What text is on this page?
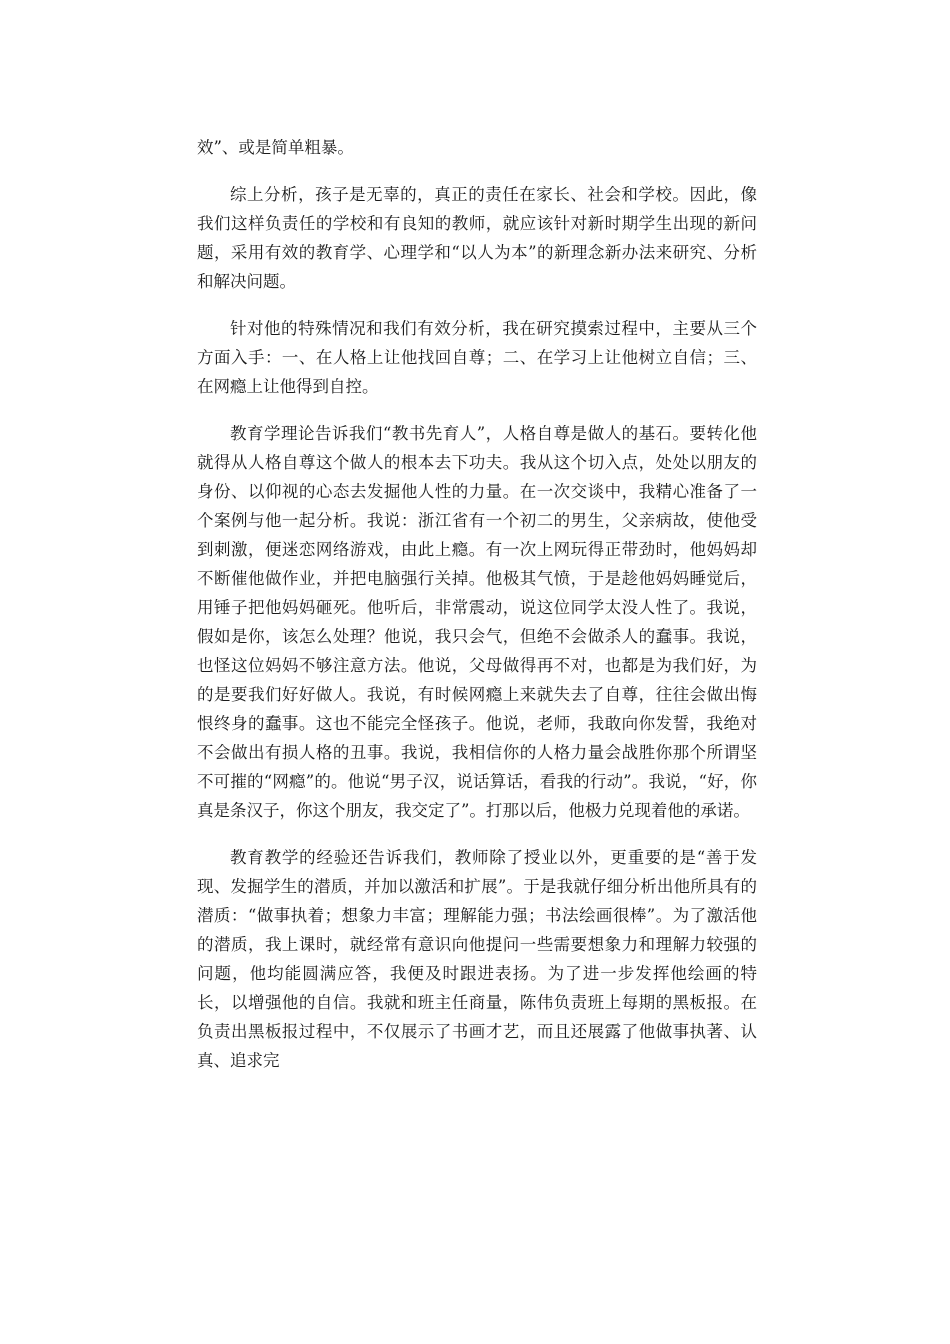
效”、或是简单粗暴。

综上分析，孩子是无辜的，真正的责任在家长、社会和学校。因此，像我们这样负责任的学校和有良知的教师，就应该针对新时期学生出现的新问题，采用有效的教育学、心理学和“以人为本”的新理念新办法来研究、分析和解决问题。

针对他的特殊情况和我们有效分析，我在研究摸索过程中，主要从三个方面入手：一、在人格上让他找回自尊；二、在学习上让他树立自信；三、在网瘾上让他得到自控。

教育学理论告诉我们“教书先育人”，人格自尊是做人的基石。要转化他就得从人格自尊这个做人的根本去下功夫。我从这个切入点，处处以朋友的身份、以仰视的心态去发掘他人性的力量。在一次交谈中，我精心准备了一个案例与他一起分析。我说：浙江省有一个初二的男生，父亲病故，使他受到刺激，便迷恋网络游戏，由此上瘾。有一次上网玩得正带劲时，他妈妈却不断催他做作业，并把电脑强行关掉。他极其气愤，于是趁他妈妈睡觉后，用锤子把他妈妈砸死。他听后，非常震动，说这位同学太没人性了。我说，假如是你，该怎么处理？他说，我只会气，但绝不会做杀人的蠢事。我说，也怪这位妈妈不够注意方法。他说，父母做得再不对，也都是为我们好，为的是要我们好好做人。我说，有时候网瘾上来就失去了自尊，往往会做出悔恨终身的蠢事。这也不能完全怪孩子。他说，老师，我敢向你发誓，我绝对不会做出有损人格的丑事。我说，我相信你的人格力量会战胜你那个所谓坚不可摧的“网瘾”的。他说“男子汉，说话算话，看我的行动”。我说，“好，你真是条汉子，你这个朋友，我交定了”。打那以后，他极力兑现着他的承诺。

教育教学的经验还告诉我们，教师除了授业以外，更重要的是“善于发现、发掘学生的潜质，并加以激活和扩展”。于是我就仔细分析出他所具有的潜质：“做事执着；想象力丰富；理解能力强；书法绘画很棒”。为了激活他的潜质，我上课时，就经常有意识向他提问一些需要想象力和理解力较强的问题，他均能圆满应答，我便及时跟进表扬。为了进一步发挥他绘画的特长，以增强他的自信。我就和班主任商量，陈伟负责班上每期的黑板报。在负责出黑板报过程中，不仅展示了书画才艺，而且还展露了他做事执著、认真、追求完
